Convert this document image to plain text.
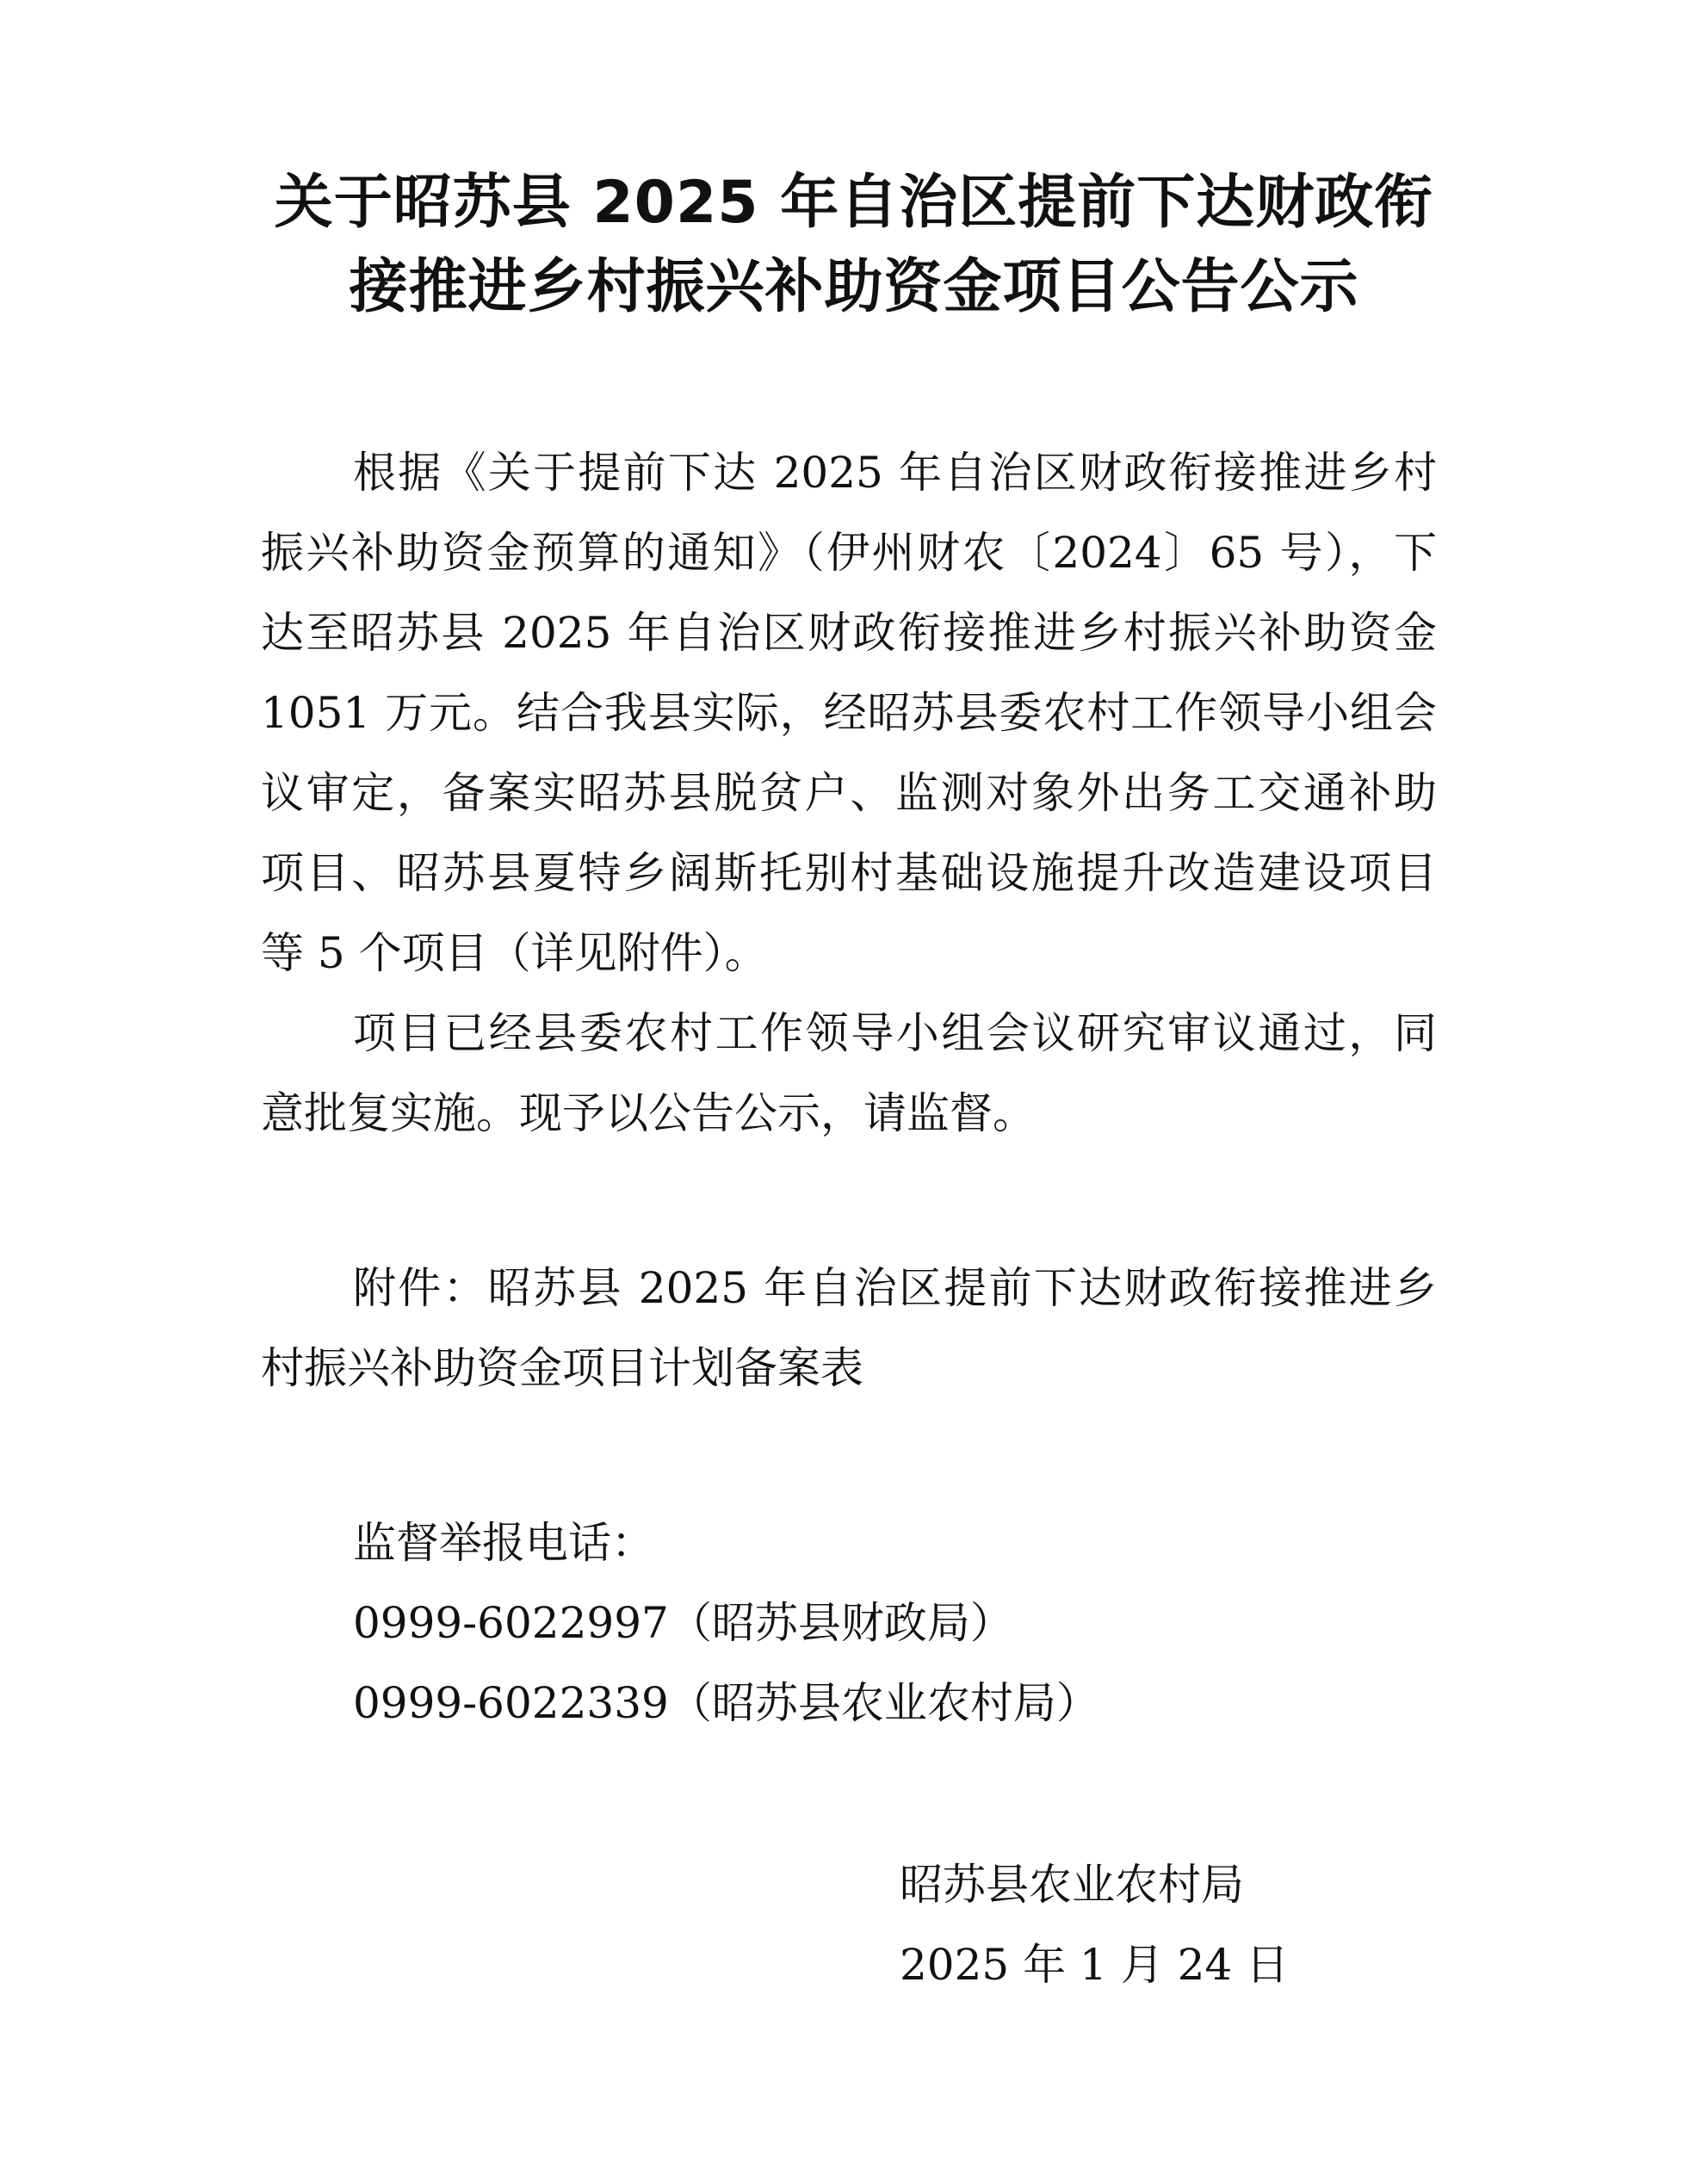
关于昭苏县 2025 年自治区提前下达财政衔
接推进乡村振兴补助资金项目公告公示
根据《关于提前下达 2025 年自治区财政衔接推进乡村
振兴补助资金预算的通知》（伊州财农〔2024〕65 号），下
达至昭苏县 2025 年自治区财政衔接推进乡村振兴补助资金
1051 万元。结合我县实际，经昭苏县委农村工作领导小组会
议审定，备案实昭苏县脱贫户、监测对象外出务工交通补助
项目、昭苏县夏特乡阔斯托别村基础设施提升改造建设项目
等 5 个项目（详见附件）。
项目已经县委农村工作领导小组会议研究审议通过，同
意批复实施。现予以公告公示，请监督。
附件：昭苏县 2025 年自治区提前下达财政衔接推进乡
村振兴补助资金项目计划备案表
监督举报电话：
0999-6022997（昭苏县财政局）
0999-6022339（昭苏县农业农村局）
昭苏县农业农村局
2025 年 1 月 24 日
